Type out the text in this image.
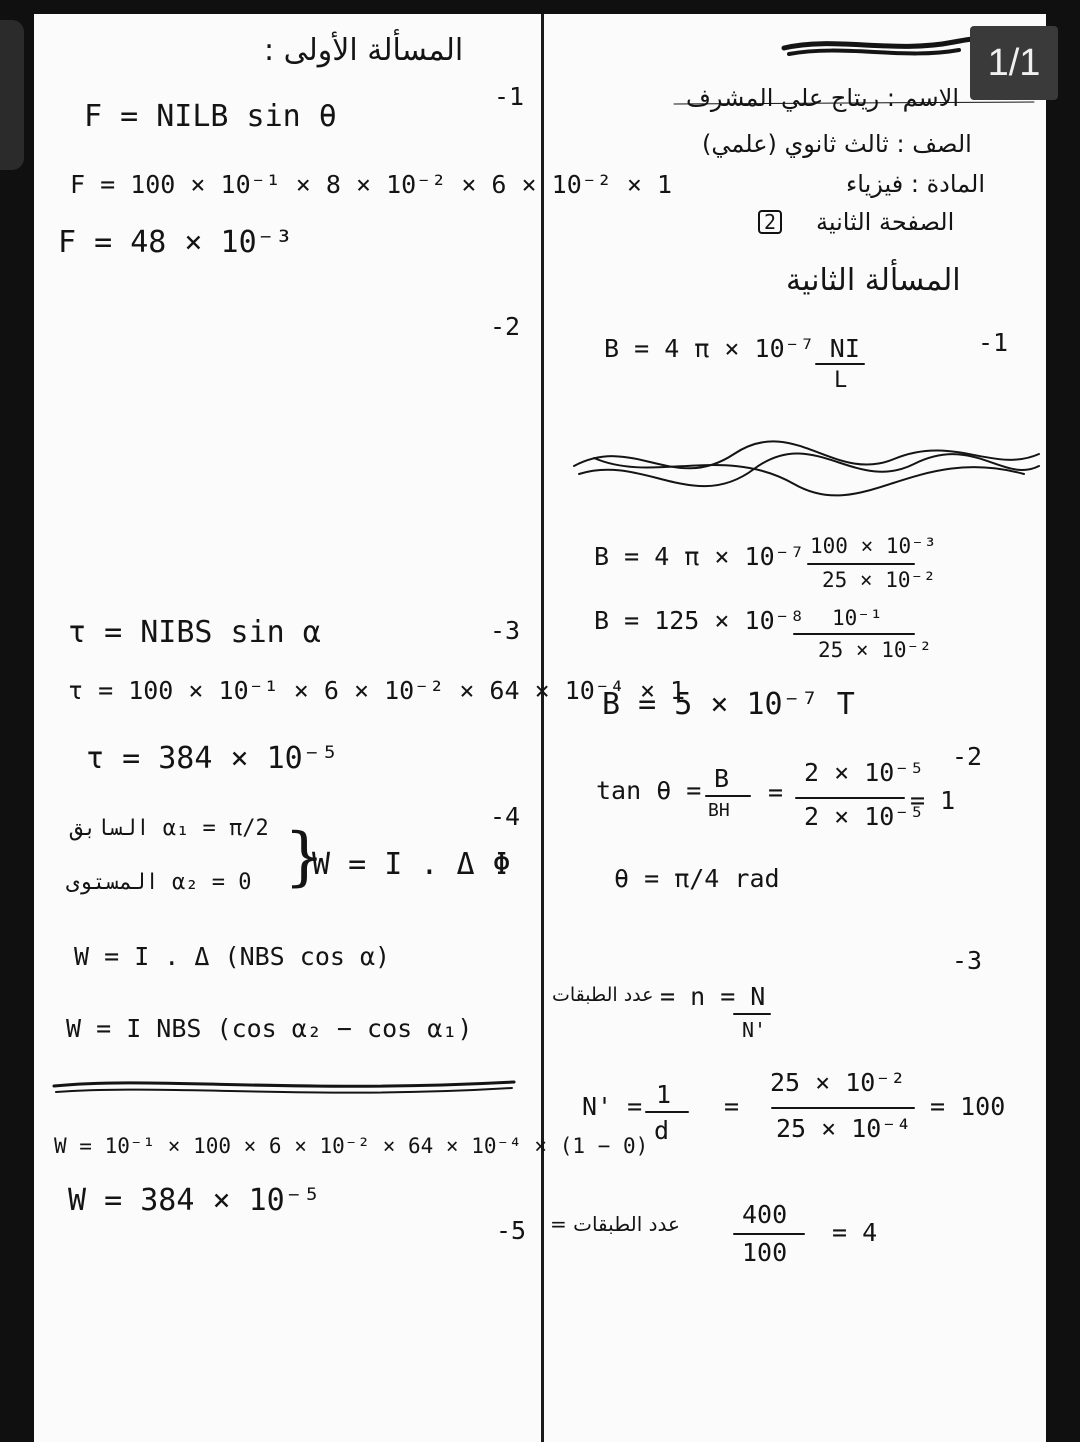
المسألة الأولى :
-1
F = NILB sin θ
F = 100 × 10⁻¹ × 8 × 10⁻² × 6 × 10⁻² × 1
F = 48 × 10⁻³
-2
-3
τ = NIBS sin α
τ = 100 × 10⁻¹ × 6 × 10⁻² × 64 × 10⁻⁴ × 1
τ = 384 × 10⁻⁵
-4
السابق α₁ = π/2
المستوى α₂ = 0 }
W = I . Δ Φ
W = I . Δ (NBS cos α)
W = I NBS (cos α₂ − cos α₁)
W = 10⁻¹ × 100 × 6 × 10⁻² × 64 × 10⁻⁴ × (1 − 0)
W = 384 × 10⁻⁵
الاسم : ريتاج علي المشرف
الصف : ثالث ثانوي (علمي)
المادة : فيزياء
الصفحة الثانية
2
المسألة الثانية
-1
B = 4 π × 10⁻⁷ NI
L
B = 4 π × 10⁻⁷ 100 × 10⁻³
25 × 10⁻²
B = 125 × 10⁻⁸ 10⁻¹
25 × 10⁻²
B = 5 × 10⁻⁷ T
-2
tan θ = B
BH
=
2 × 10⁻⁵
2 × 10⁻⁵
= 1
θ = π/4 rad
-3
عدد الطبقات = n = N
N'
N' = 1
d
=
25 × 10⁻²
25 × 10⁻⁴
= 100
-5 عدد الطبقات = 400
100
= 4
1/1
